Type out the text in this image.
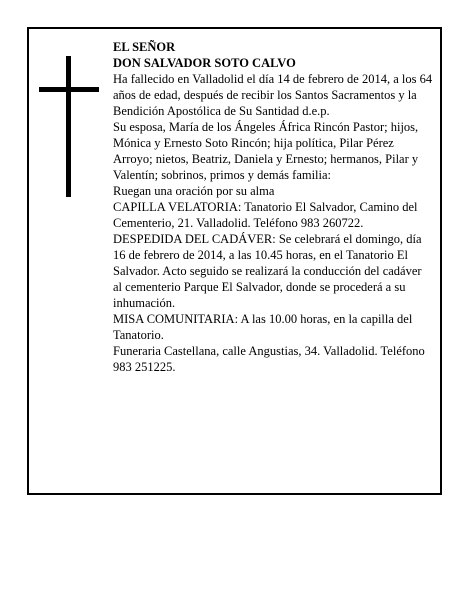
EL SEÑOR

DON SALVADOR SOTO CALVO

Ha fallecido en Valladolid el día 14 de febrero de 2014, a los 64 años de edad, después de recibir los Santos Sacramentos y la Bendición Apostólica de Su Santidad d.e.p.

Su esposa, María de los Ángeles África Rincón Pastor; hijos, Mónica y Ernesto Soto Rincón; hija política, Pilar Pérez Arroyo; nietos, Beatriz, Daniela y Ernesto; hermanos, Pilar y Valentín; sobrinos, primos y demás familia:

Ruegan una oración por su alma

CAPILLA VELATORIA: Tanatorio El Salvador, Camino del Cementerio, 21. Valladolid. Teléfono 983 260722.

DESPEDIDA DEL CADÁVER: Se celebrará el domingo, día 16 de febrero de 2014, a las 10.45 horas, en el Tanatorio El Salvador. Acto seguido se realizará la conducción del cadáver al cementerio Parque El Salvador, donde se procederá a su inhumación.

MISA COMUNITARIA: A las 10.00 horas, en la capilla del Tanatorio.

Funeraria Castellana, calle Angustias, 34. Valladolid. Teléfono 983 251225.
